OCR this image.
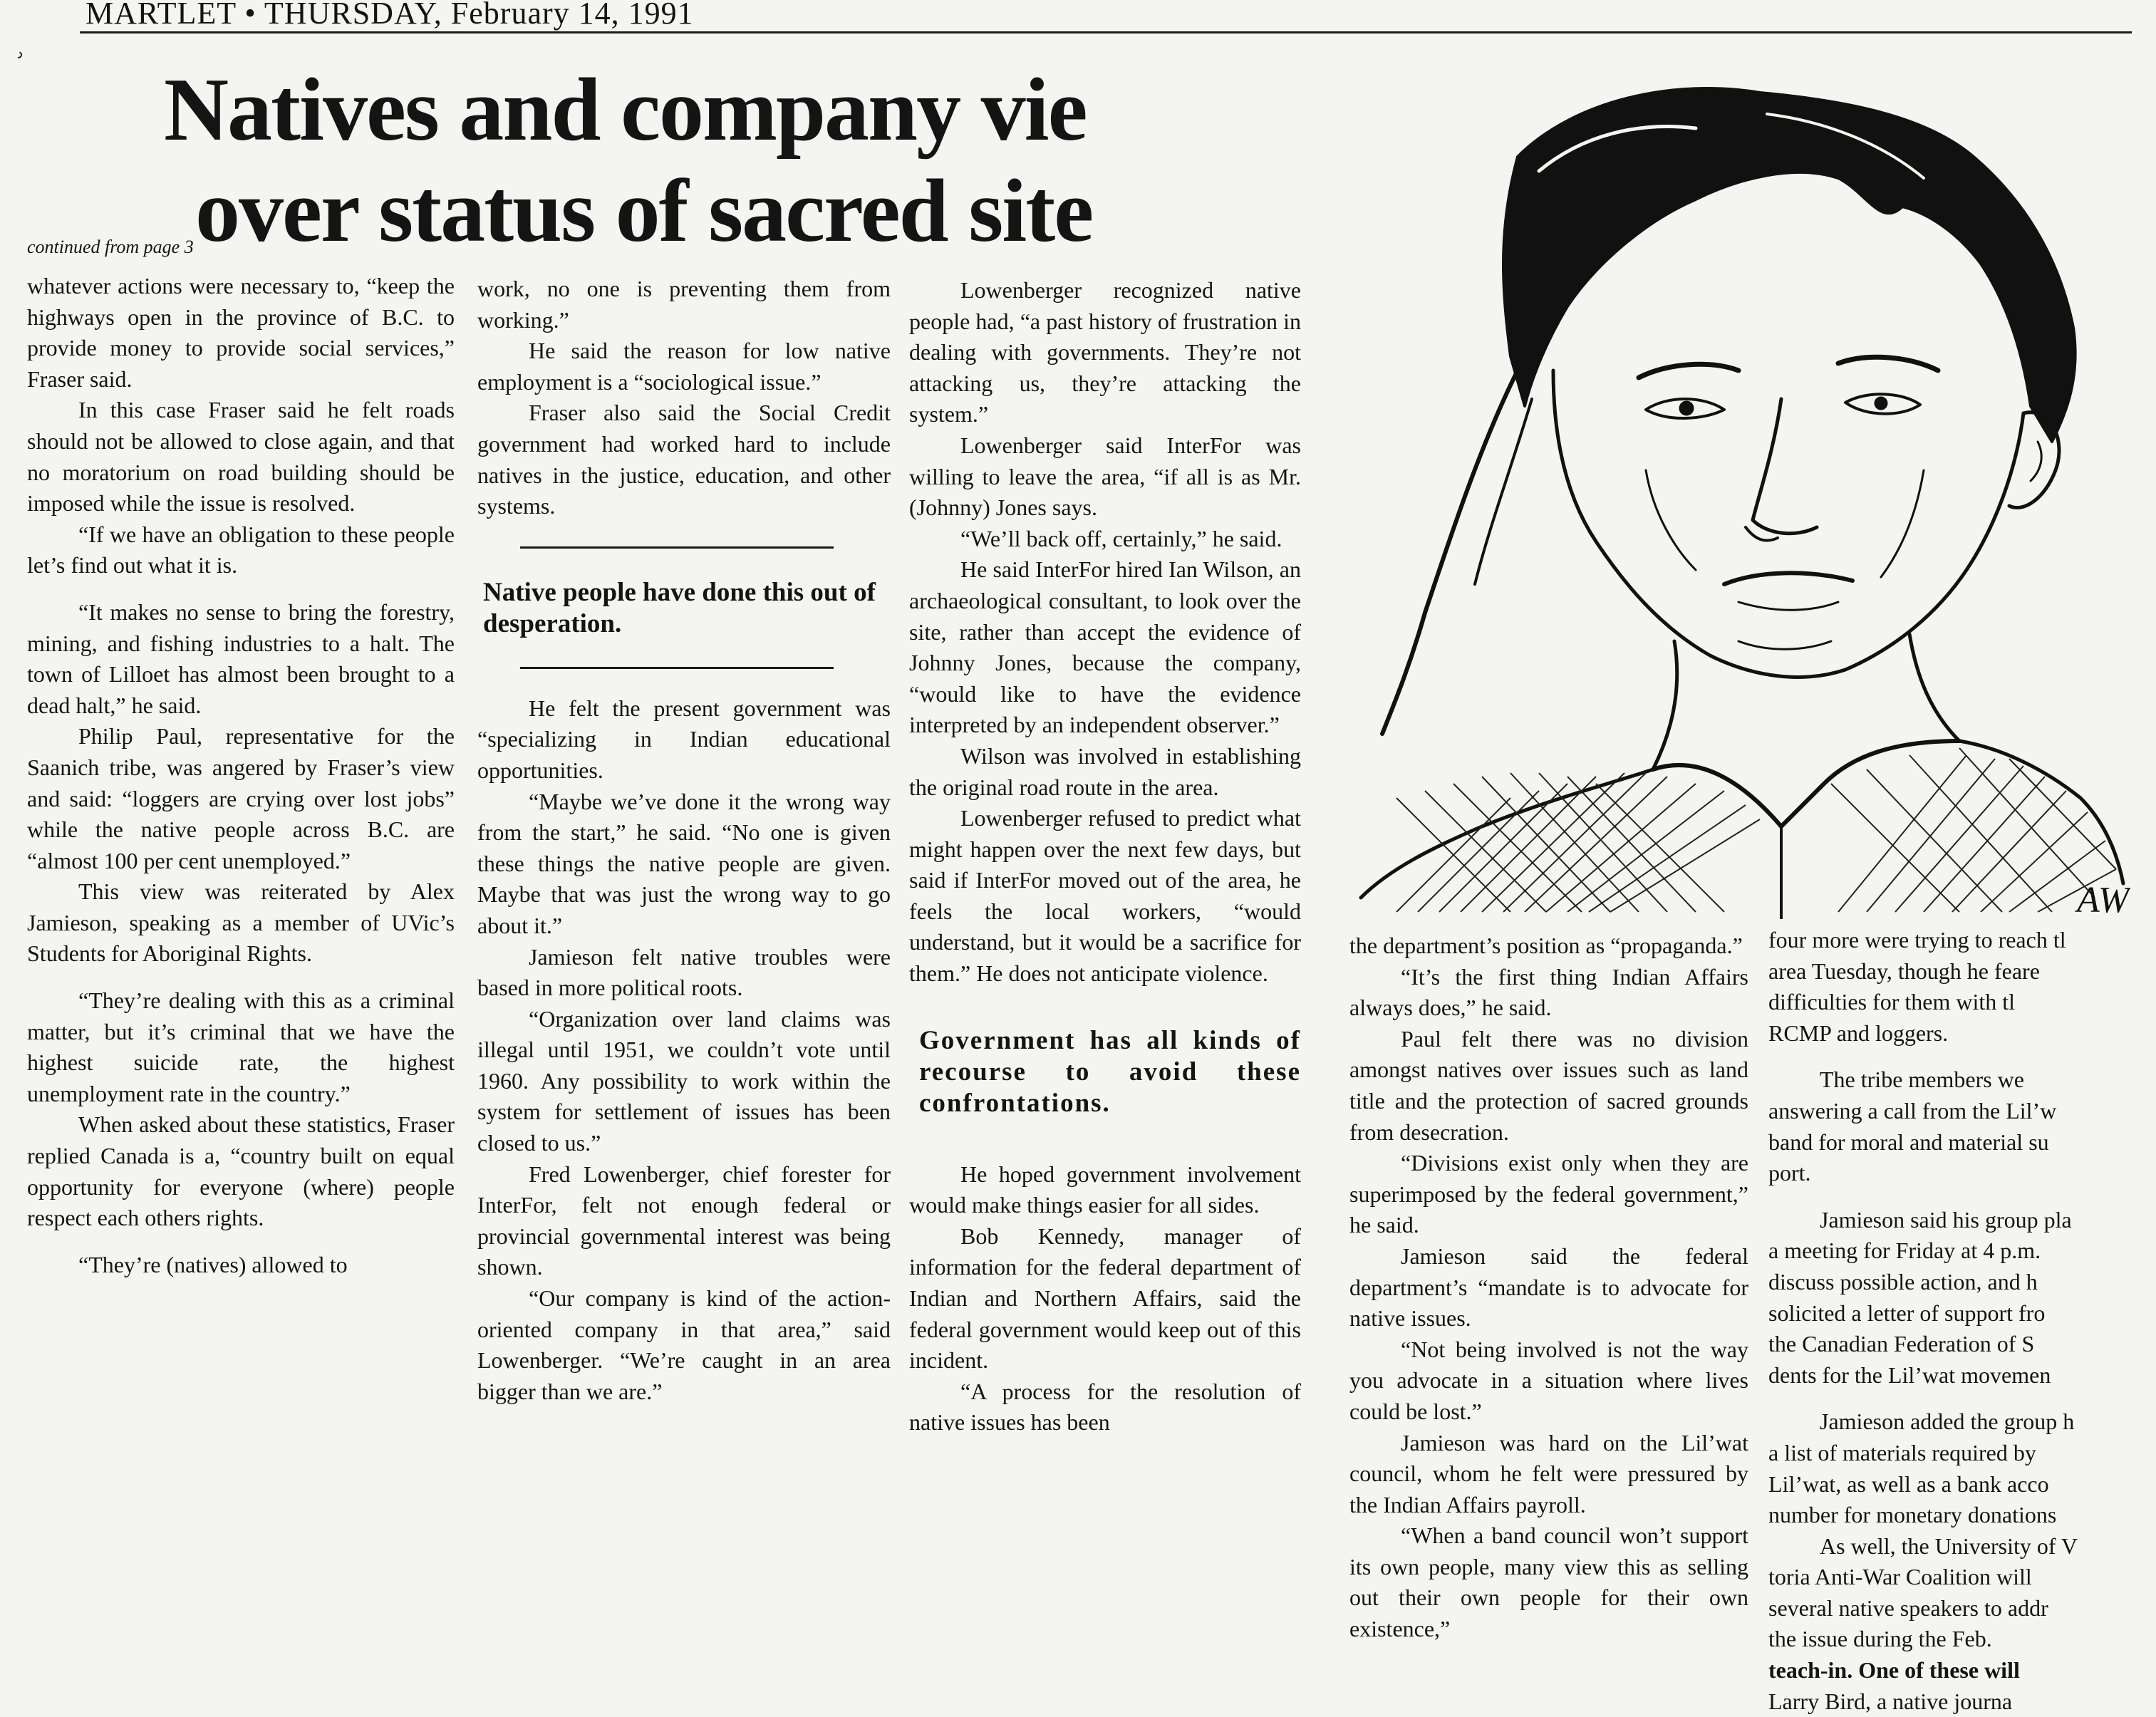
MARTLET • THURSDAY, February 14, 1991
ʾ Natives and company vie
over status of sacred site
continued from page 3

whatever actions were necessary to, “keep the highways open in the province of B.C. to provide money to provide social services,” Fraser said.

In this case Fraser said he felt roads should not be allowed to close again, and that no moratorium on road building should be imposed while the issue is resolved.

“If we have an obligation to these people let’s find out what it is.

“It makes no sense to bring the forestry, mining, and fishing industries to a halt. The town of Lilloet has almost been brought to a dead halt,” he said.

Philip Paul, representative for the Saanich tribe, was angered by Fraser’s view and said: “loggers are crying over lost jobs” while the native people across B.C. are “almost 100 per cent unemployed.”

This view was reiterated by Alex Jamieson, speaking as a member of UVic’s Students for Aboriginal Rights.

“They’re dealing with this as a criminal matter, but it’s criminal that we have the highest suicide rate, the highest unemployment rate in the country.”

When asked about these statistics, Fraser replied Canada is a, “country built on equal opportunity for everyone (where) people respect each others rights.

“They’re (natives) allowed to

work, no one is preventing them from working.”

He said the reason for low native employment is a “sociological issue.”

Fraser also said the Social Credit government had worked hard to include natives in the justice, education, and other systems.

Native people have done this out of desperation.

He felt the present government was “specializing in Indian educational opportunities.

“Maybe we’ve done it the wrong way from the start,” he said. “No one is given these things the native people are given. Maybe that was just the wrong way to go about it.”

Jamieson felt native troubles were based in more political roots.

“Organization over land claims was illegal until 1951, we couldn’t vote until 1960. Any possibility to work within the system for settlement of issues has been closed to us.”

Fred Lowenberger, chief forester for InterFor, felt not enough federal or provincial governmental interest was being shown.

“Our company is kind of the action-oriented company in that area,” said Lowenberger. “We’re caught in an area bigger than we are.”

Lowenberger recognized native people had, “a past history of frustration in dealing with governments. They’re not attacking us, they’re attacking the system.”

Lowenberger said InterFor was willing to leave the area, “if all is as Mr. (Johnny) Jones says.

“We’ll back off, certainly,” he said.

He said InterFor hired Ian Wilson, an archaeological consultant, to look over the site, rather than accept the evidence of Johnny Jones, because the company, “would like to have the evidence interpreted by an independent observer.”

Wilson was involved in establishing the original road route in the area.

Lowenberger refused to predict what might happen over the next few days, but said if InterFor moved out of the area, he feels the local workers, “would understand, but it would be a sacrifice for them.” He does not anticipate violence.

Government has all kinds of recourse to avoid these confrontations.

He hoped government involvement would make things easier for all sides.

Bob Kennedy, manager of information for the federal department of Indian and Northern Affairs, said the federal government would keep out of this incident.

“A process for the resolution of native issues has been

the department’s position as “propaganda.”

“It’s the first thing Indian Affairs always does,” he said.

Paul felt there was no division amongst natives over issues such as land title and the protection of sacred grounds from desecration.

“Divisions exist only when they are superimposed by the federal government,” he said.

Jamieson said the federal department’s “mandate is to advocate for native issues.

“Not being involved is not the way you advocate in a situation where lives could be lost.”

Jamieson was hard on the Lil’wat council, whom he felt were pressured by the Indian Affairs payroll.

“When a band council won’t support its own people, many view this as selling out their own people for their own existence,”

four more were trying to reach tl

area Tuesday, though he feare

difficulties for them with tl

RCMP and loggers.

The tribe members we

answering a call from the Lil’w

band for moral and material su

port.

Jamieson said his group pla

a meeting for Friday at 4 p.m.

discuss possible action, and h

solicited a letter of support fro

the Canadian Federation of S

dents for the Lil’wat movemen

Jamieson added the group h

a list of materials required by

Lil’wat, as well as a bank acco

number for monetary donations

As well, the University of V

toria Anti-War Coalition will

several native speakers to addr

the issue during the Feb.

teach-in. One of these will

Larry Bird, a native journa

AW
